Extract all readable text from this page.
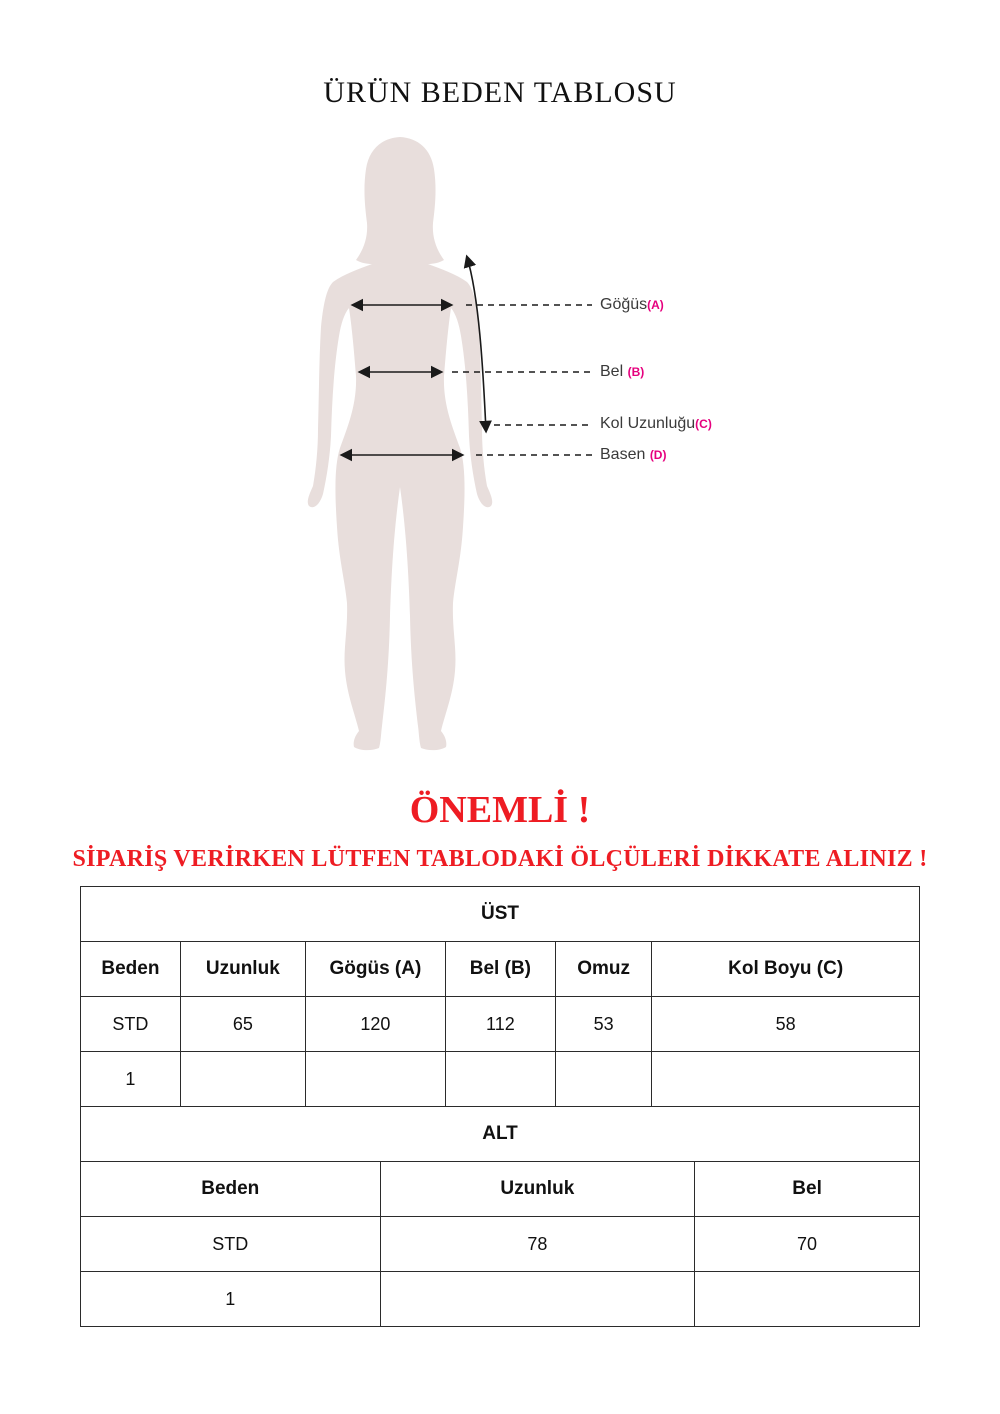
ÜRÜN BEDEN TABLOSU
Göğüs(A)
Bel (B)
Kol Uzunluğu(C)
Basen (D)
ÖNEMLİ !

SİPARİŞ VERİRKEN LÜTFEN TABLODAKİ ÖLÇÜLERİ DİKKATE ALINIZ !

ÜST					
Beden	Uzunluk	Gögüs (A)	Bel (B)	Omuz	Kol Boyu (C)
STD	65	120	112	53	58
1					
ALT		
Beden	Uzunluk	Bel
STD	78	70
1		
